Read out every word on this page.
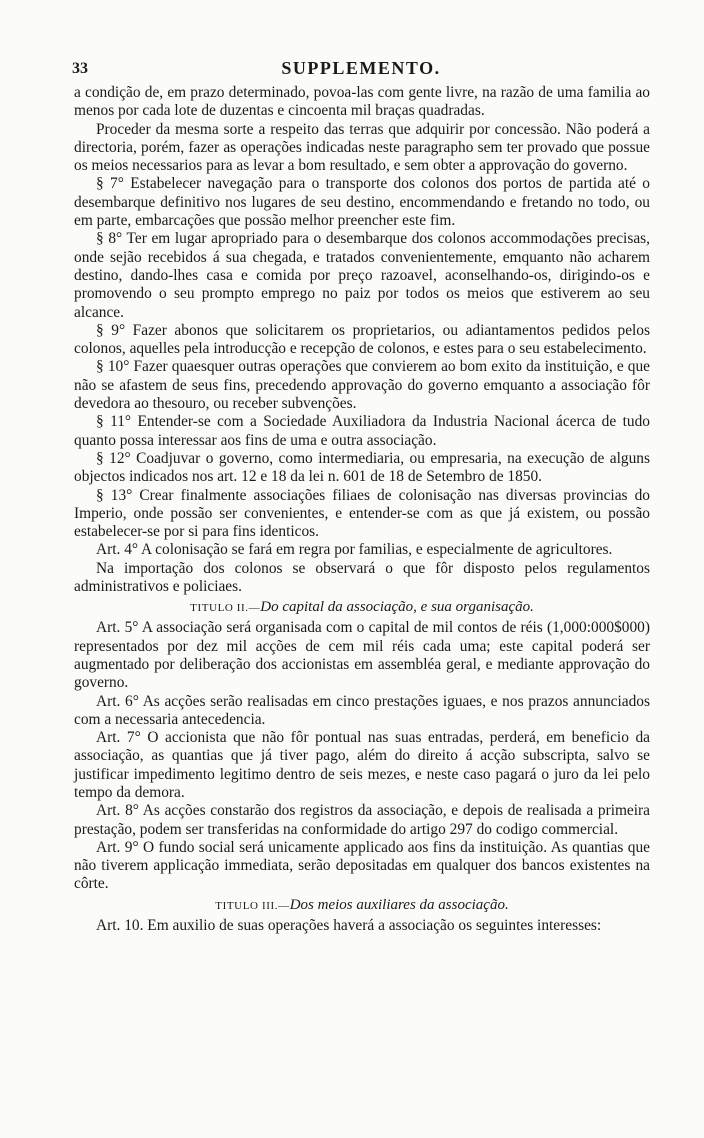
33	SUPPLEMENTO.

a condição de, em prazo determinado, povoa-las com gente livre, na razão de uma familia ao menos por cada lote de duzentas e cincoenta mil braças quadradas.

Proceder da mesma sorte a respeito das terras que adquirir por concessão. Não poderá a directoria, porém, fazer as operações indicadas neste paragrapho sem ter provado que possue os meios necessarios para as levar a bom resultado, e sem obter a approvação do governo.

§ 7° Estabelecer navegação para o transporte dos colonos dos portos de partida até o desembarque definitivo nos lugares de seu destino, encommendando e fretando no todo, ou em parte, embarcações que possão melhor preencher este fim.

§ 8° Ter em lugar apropriado para o desembarque dos colonos accommodações precisas, onde sejão recebidos á sua chegada, e tratados convenientemente, emquanto não acharem destino, dando-lhes casa e comida por preço razoavel, aconselhando-os, dirigindo-os e promovendo o seu prompto emprego no paiz por todos os meios que estiverem ao seu alcance.

§ 9° Fazer abonos que solicitarem os proprietarios, ou adiantamentos pedidos pelos colonos, aquelles pela introducção e recepção de colonos, e estes para o seu estabelecimento.

§ 10° Fazer quaesquer outras operações que convierem ao bom exito da instituição, e que não se afastem de seus fins, precedendo approvação do governo emquanto a associação fôr devedora ao thesouro, ou receber subvenções.

§ 11° Entender-se com a Sociedade Auxiliadora da Industria Nacional ácerca de tudo quanto possa interessar aos fins de uma e outra associação.

§ 12° Coadjuvar o governo, como intermediaria, ou empresaria, na execução de alguns objectos indicados nos art. 12 e 18 da lei n. 601 de 18 de Setembro de 1850.

§ 13° Crear finalmente associações filiaes de colonisação nas diversas provincias do Imperio, onde possão ser convenientes, e entender-se com as que já existem, ou possão estabelecer-se por si para fins identicos.

Art. 4° A colonisação se fará em regra por familias, e especialmente de agricultores.

Na importação dos colonos se observará o que fôr disposto pelos regulamentos administrativos e policiaes.

TITULO II.—Do capital da associação, e sua organisação.

Art. 5° A associação será organisada com o capital de mil contos de réis (1,000:000$000) representados por dez mil acções de cem mil réis cada uma; este capital poderá ser augmentado por deliberação dos accionistas em assembléa geral, e mediante approvação do governo.

Art. 6° As acções serão realisadas em cinco prestações iguaes, e nos prazos annunciados com a necessaria antecedencia.

Art. 7° O accionista que não fôr pontual nas suas entradas, perderá, em beneficio da associação, as quantias que já tiver pago, além do direito á acção subscripta, salvo se justificar impedimento legitimo dentro de seis mezes, e neste caso pagará o juro da lei pelo tempo da demora.

Art. 8° As acções constarão dos registros da associação, e depois de realisada a primeira prestação, podem ser transferidas na conformidade do artigo 297 do codigo commercial.

Art. 9° O fundo social será unicamente applicado aos fins da instituição. As quantias que não tiverem applicação immediata, serão depositadas em qualquer dos bancos existentes na côrte.

TITULO III.—Dos meios auxiliares da associação.

Art. 10. Em auxilio de suas operações haverá a associação os seguintes interesses:
